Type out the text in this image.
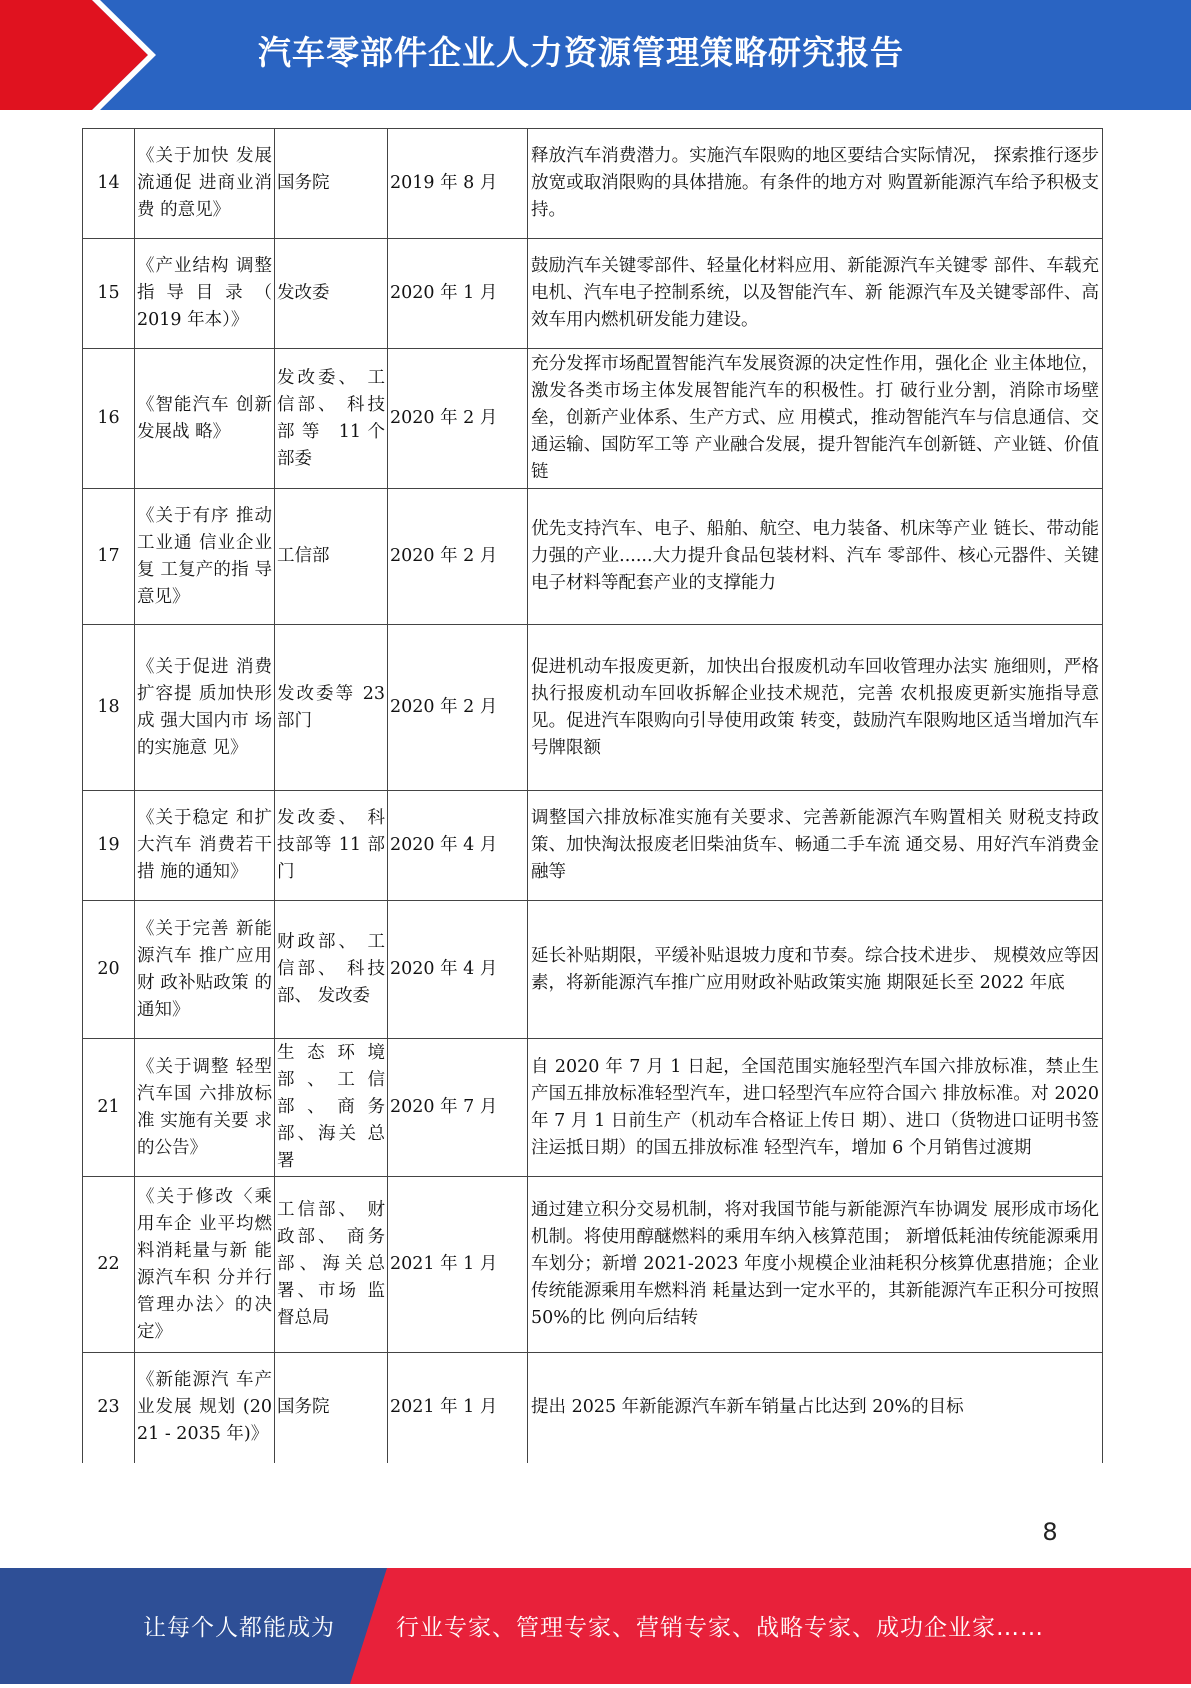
汽车零部件企业人力资源管理策略研究报告
14	《关于加快 发展流通促 进商业消费 的意见》	国务院	2019 年 8 月	释放汽车消费潜力。实施汽车限购的地区要结合实际情况， 探索推行逐步放宽或取消限购的具体措施。有条件的地方对 购置新能源汽车给予积极支持。
15	《产业结构 调整 指 导 目 录 （　2019 年本）》	发改委	2020 年 1 月	鼓励汽车关键零部件、轻量化材料应用、新能源汽车关键零 部件、车载充电机、汽车电子控制系统，以及智能汽车、新 能源汽车及关键零部件、高效车用内燃机研发能力建设。
16	《智能汽车 创新发展战 略》	发改委、 工信部、 科技部 等　11 个部委	2020 年 2 月	充分发挥市场配置智能汽车发展资源的决定性作用，强化企 业主体地位，激发各类市场主体发展智能汽车的积极性。打 破行业分割，消除市场壁垒，创新产业体系、生产方式、应 用模式，推动智能汽车与信息通信、交通运输、国防军工等 产业融合发展，提升智能汽车创新链、产业链、价值链
17	《关于有序 推动工业通 信业企业复 工复产的指 导意见》	工信部	2020 年 2 月	优先支持汽车、电子、船舶、航空、电力装备、机床等产业 链长、带动能力强的产业......大力提升食品包装材料、汽车 零部件、核心元器件、关键电子材料等配套产业的支撑能力
18	《关于促进 消费扩容提 质加快形成 强大国内市 场的实施意 见》	发改委等 23 部门	2020 年 2 月	促进机动车报废更新，加快出台报废机动车回收管理办法实 施细则，严格执行报废机动车回收拆解企业技术规范，完善 农机报废更新实施指导意见。促进汽车限购向引导使用政策 转变，鼓励汽车限购地区适当增加汽车号牌限额
19	《关于稳定 和扩大汽车 消费若干措 施的通知》	发改委、 科技部等 11 部门	2020 年 4 月	调整国六排放标准实施有关要求、完善新能源汽车购置相关 财税支持政策、加快淘汰报废老旧柴油货车、畅通二手车流 通交易、用好汽车消费金融等
20	《关于完善 新能源汽车 推广应用财 政补贴政策 的通知》	财政部、 工信部、 科技部、 发改委	2020 年 4 月	延长补贴期限，平缓补贴退坡力度和节奏。综合技术进步、 规模效应等因素，将新能源汽车推广应用财政补贴政策实施 期限延长至 2022 年底
21	《关于调整 轻型汽车国 六排放标准 实施有关要 求的公告》	生 态 环 境 部、工信 部、商务 部、海关 总署	2020 年 7 月	自 2020 年 7 月 1 日起，全国范围实施轻型汽车国六排放标准，禁止生产国五排放标准轻型汽车，进口轻型汽车应符合国六 排放标准。对 2020 年 7 月 1 日前生产（机动车合格证上传日 期）、进口（货物进口证明书签注运抵日期）的国五排放标准 轻型汽车，增加 6 个月销售过渡期
22	《关于修改〈乘用车企 业平均燃料消耗量与新 能源汽车积 分并行管理办法〉的决 定》	工信部、 财政部、 商务部、海关总署、市场 监督总局	2021 年 1 月	通过建立积分交易机制，将对我国节能与新能源汽车协调发 展形成市场化机制。将使用醇醚燃料的乘用车纳入核算范围； 新增低耗油传统能源乘用车划分；新增 2021-2023 年度小规模企业油耗积分核算优惠措施；企业传统能源乘用车燃料消 耗量达到一定水平的，其新能源汽车正积分可按照 50%的比 例向后结转
23	《新能源汽 车产业发展 规划 (2021 - 2035 年)》	国务院	2021 年 1 月	提出 2025 年新能源汽车新车销量占比达到 20%的目标
8
让每个人都能成为	行业专家、管理专家、营销专家、战略专家、成功企业家……
